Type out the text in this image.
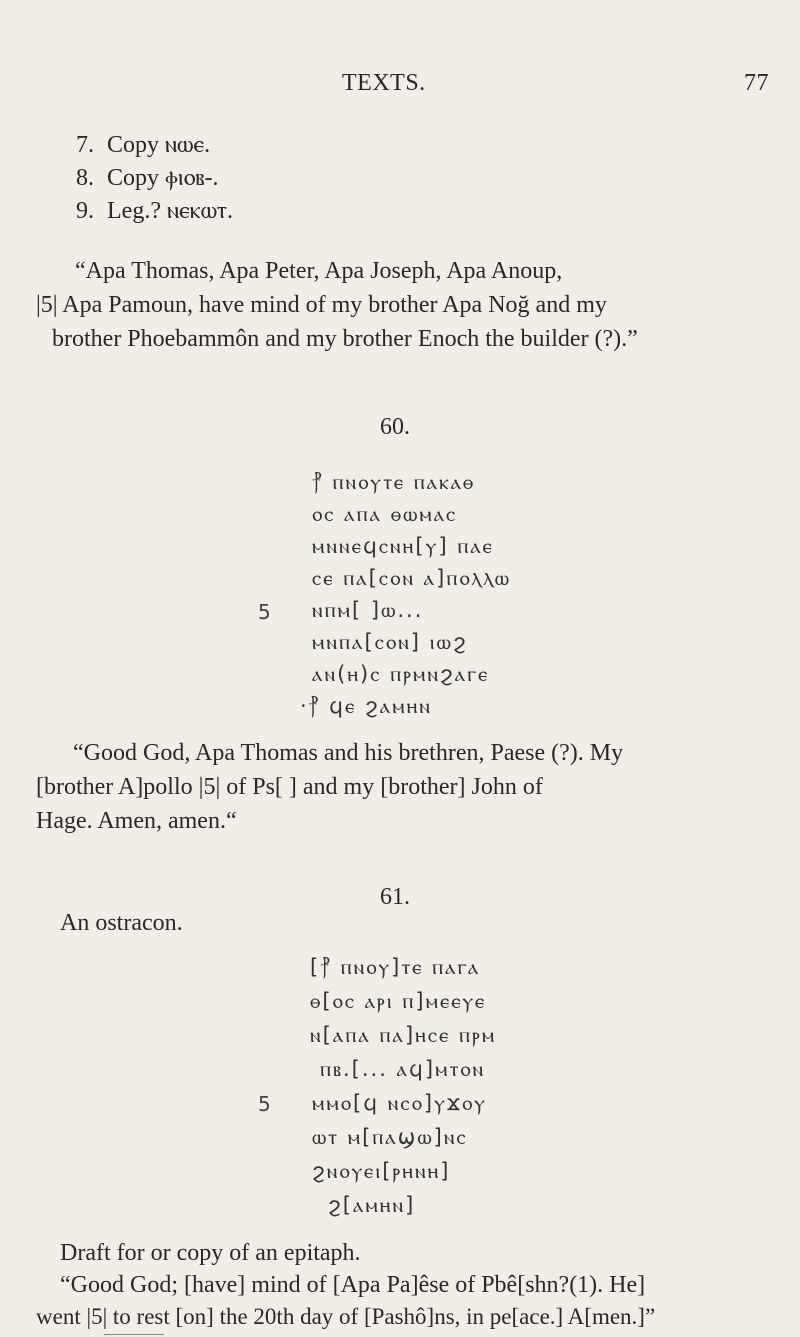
TEXTS.	77
7. Copy ⲛⲱⲉ.
8. Copy ⲫⲓⲟⲃ-.
9. Leg.? ⲛⲉⲕⲱⲧ.
“Apa Thomas, Apa Peter, Apa Joseph, Apa Anoup,
|5| Apa Pamoun, have mind of my brother Apa Noğ and my
brother Phoebammôn and my brother Enoch the builder (?).”
60.
⳨ ⲡⲛⲟⲩⲧⲉ ⲡⲁⲕⲁⲑ
ⲟⲥ ⲁⲡⲁ ⲑⲱⲙⲁⲥ
ⲙⲛⲛⲉϥⲥⲛⲏ[ⲩ] ⲡⲁⲉ
ⲥⲉ ⲡⲁ[ⲥⲟⲛ ⲁ]ⲡⲟⲗⲗⲱ
5 ⲛⲡⲙ[ ]ⲱ...
ⲙⲛⲡⲁ[ⲥⲟⲛ] ⲓⲱϩ
ⲁⲛ(ⲏ)ⲥ ⲡⲣⲙⲛϩⲁⲅⲉ
·⳨ ϥⲉ ϩⲁⲙⲏⲛ
“Good God, Apa Thomas and his brethren, Paese (?). My
[brother A]pollo |5| of Ps[ ] and my [brother] John of
Hage. Amen, amen.“
61.
An ostracon.
[⳨ ⲡⲛⲟⲩ]ⲧⲉ ⲡⲁⲅⲁ
ⲑ[ⲟⲥ ⲁⲣⲓ ⲡ]ⲙⲉⲉⲩⲉ
ⲛ[ⲁⲡⲁ ⲡⲁ]ⲏⲥⲉ ⲡⲣⲙ
ⲡⲃ.[... ⲁϥ]ⲙⲧⲟⲛ
5 ⲙⲙⲟ[ϥ ⲛⲥⲟ]ⲩϫⲟⲩ
ⲱⲧ ⲙ[ⲡⲁϣⲱ]ⲛⲥ
ϩⲛⲟⲩⲉⲓ[ⲣⲏⲛⲏ]
ϩ[ⲁⲙⲏⲛ]
Draft for or copy of an epitaph.
“Good God; [have] mind of [Apa Pa]êse of Pbê[shn?(1). He]
went |5| to rest [on] the 20th day of [Pashô]ns, in pe[ace.] A[men.]”
